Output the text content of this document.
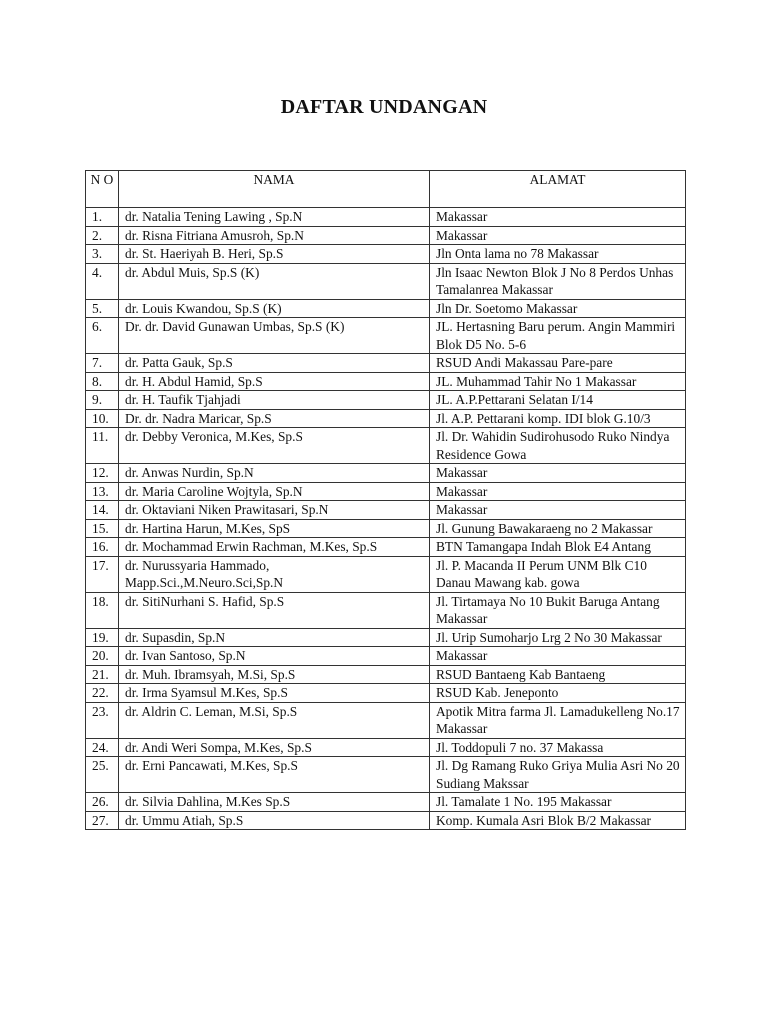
DAFTAR UNDANGAN
N O	NAMA	ALAMAT
1.	dr. Natalia Tening Lawing , Sp.N	Makassar
2.	dr. Risna Fitriana Amusroh, Sp.N	Makassar
3.	dr. St. Haeriyah B. Heri, Sp.S	Jln Onta lama no 78 Makassar
4.	dr. Abdul Muis, Sp.S (K)	Jln Isaac Newton Blok J No 8 Perdos Unhas Tamalanrea Makassar
5.	dr. Louis Kwandou, Sp.S (K)	Jln Dr. Soetomo Makassar
6.	Dr. dr. David Gunawan Umbas, Sp.S (K)	JL. Hertasning Baru perum. Angin Mammiri Blok D5 No. 5-6
7.	dr. Patta Gauk, Sp.S	RSUD Andi Makassau Pare-pare
8.	dr. H. Abdul Hamid, Sp.S	JL. Muhammad Tahir No 1 Makassar
9.	dr. H. Taufik Tjahjadi	JL. A.P.Pettarani Selatan I/14
10.	Dr. dr. Nadra Maricar, Sp.S	Jl. A.P. Pettarani komp. IDI blok G.10/3
11.	dr. Debby Veronica, M.Kes, Sp.S	Jl. Dr. Wahidin Sudirohusodo Ruko Nindya Residence Gowa
12.	dr. Anwas Nurdin, Sp.N	Makassar
13.	dr. Maria Caroline Wojtyla, Sp.N	Makassar
14.	dr. Oktaviani Niken Prawitasari, Sp.N	Makassar
15.	dr. Hartina Harun, M.Kes, SpS	Jl. Gunung Bawakaraeng no 2 Makassar
16.	dr. Mochammad Erwin Rachman, M.Kes, Sp.S	BTN Tamangapa Indah Blok E4 Antang
17.	dr. Nurussyaria Hammado, Mapp.Sci.,M.Neuro.Sci,Sp.N	Jl. P. Macanda II Perum UNM Blk C10 Danau Mawang kab. gowa
18.	dr. SitiNurhani S. Hafid, Sp.S	Jl. Tirtamaya No 10 Bukit Baruga Antang Makassar
19.	dr. Supasdin, Sp.N	Jl. Urip Sumoharjo Lrg 2 No 30 Makassar
20.	dr. Ivan Santoso, Sp.N	Makassar
21.	dr. Muh. Ibramsyah, M.Si, Sp.S	RSUD Bantaeng Kab Bantaeng
22.	dr. Irma Syamsul M.Kes, Sp.S	RSUD Kab. Jeneponto
23.	dr. Aldrin C. Leman, M.Si, Sp.S	Apotik Mitra farma Jl. Lamadukelleng No.17 Makassar
24.	dr. Andi Weri Sompa, M.Kes, Sp.S	Jl. Toddopuli 7 no. 37 Makassa
25.	dr. Erni Pancawati, M.Kes, Sp.S	Jl. Dg Ramang Ruko Griya Mulia Asri No 20 Sudiang Makssar
26.	dr. Silvia Dahlina, M.Kes Sp.S	Jl. Tamalate 1 No. 195 Makassar
27.	dr. Ummu Atiah, Sp.S	Komp. Kumala Asri Blok B/2 Makassar
